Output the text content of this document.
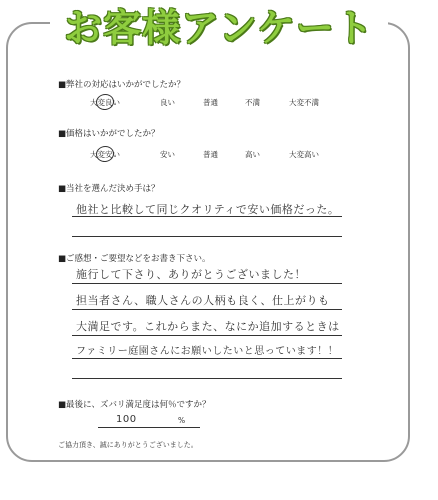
お客様アンケート
■弊社の対応はいかがでしたか？
大変良い	良い	普通	不満	大変不満
■価格はいかがでしたか？
大変安い	安い	普通	高い	大変高い
■当社を選んだ決め手は？
他社と比較して同じクオリティで安い価格だった。
■ご感想・ご要望などをお書き下さい。
施行して下さり、ありがとうございました！
担当者さん、職人さんの人柄も良く、仕上がりも
大満足です。これからまた、なにか追加するときは
ファミリー庭園さんにお願いしたいと思っています！！
■最後に、ズバリ満足度は何％ですか？
100	%
ご協力頂き、誠にありがとうございました。
